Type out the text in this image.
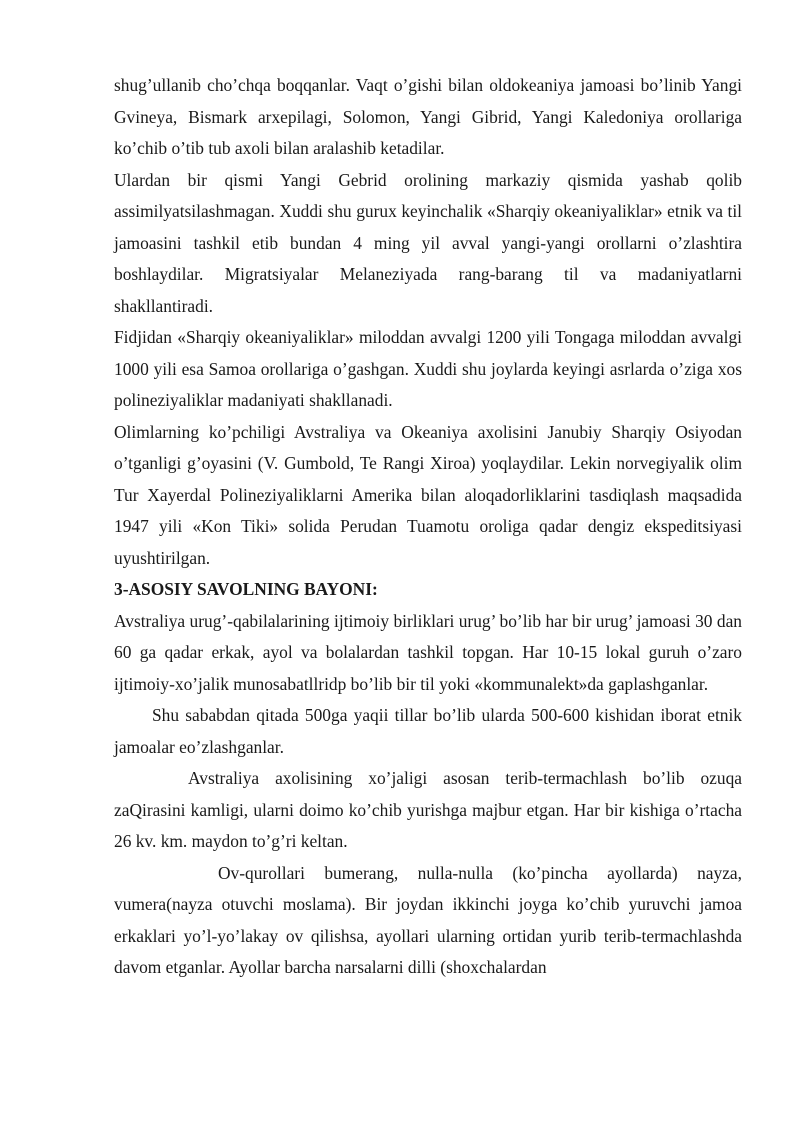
shug’ullanib cho’chqa boqqanlar. Vaqt o’gishi bilan oldokeaniya jamoasi bo’linib Yangi Gvineya, Bismark arxepilagi, Solomon, Yangi Gibrid, Yangi Kaledoniya orollariga ko’chib o’tib tub axoli bilan aralashib ketadilar.

Ulardan bir qismi Yangi Gebrid orolining markaziy qismida yashab qolib assimilyatsilashmagan. Xuddi shu gurux keyinchalik «Sharqiy okeaniyaliklar» etnik va til jamoasini tashkil etib bundan 4 ming yil avval yangi-yangi orollarni o’zlashtira boshlaydilar. Migratsiyalar Melaneziyada rang-barang til va madaniyatlarni shakllantiradi.

Fidjidan «Sharqiy okeaniyaliklar» miloddan avvalgi 1200 yili Tongaga miloddan avvalgi 1000 yili esa Samoa orollariga o’gashgan. Xuddi shu joylarda keyingi asrlarda o’ziga xos polineziyaliklar madaniyati shakllanadi.

Olimlarning ko’pchiligi Avstraliya va Okeaniya axolisini Janubiy Sharqiy Osiyodan o’tganligi g’oyasini (V. Gumbold, Te Rangi Xiroa) yoqlaydilar. Lekin norvegiyalik olim Tur Xayerdal Polineziyaliklarni Amerika bilan aloqadorliklarini tasdiqlash maqsadida 1947 yili «Kon Tiki» solida Perudan Tuamotu oroliga qadar dengiz ekspeditsiyasi uyushtirilgan.

3-ASOSIY SAVOLNING BAYONI:

Avstraliya urug’-qabilalarining ijtimoiy birliklari urug’ bo’lib har bir urug’ jamoasi 30 dan 60 ga qadar erkak, ayol va bolalardan tashkil topgan. Har 10-15 lokal guruh o’zaro ijtimoiy-xo’jalik munosabatllridp bo’lib bir til yoki «kommunalekt»da gaplashganlar.

Shu sababdan qitada 500ga yaqii tillar bo’lib ularda 500-600 kishidan iborat etnik jamoalar eo’zlashganlar.

Avstraliya axolisining xo’jaligi asosan terib-termachlash bo’lib ozuqa zaQirasini kamligi, ularni doimo ko’chib yurishga majbur etgan. Har bir kishiga o’rtacha 26 kv. km. maydon to’g’ri keltan.

Ov-qurollari bumerang, nulla-nulla (ko’pincha ayollarda) nayza, vumera(nayza otuvchi moslama). Bir joydan ikkinchi joyga ko’chib yuruvchi jamoa erkaklari yo’l-yo’lakay ov qilishsa, ayollari ularning ortidan yurib terib-termachlashda davom etganlar. Ayollar barcha narsalarni dilli (shoxchalardan
